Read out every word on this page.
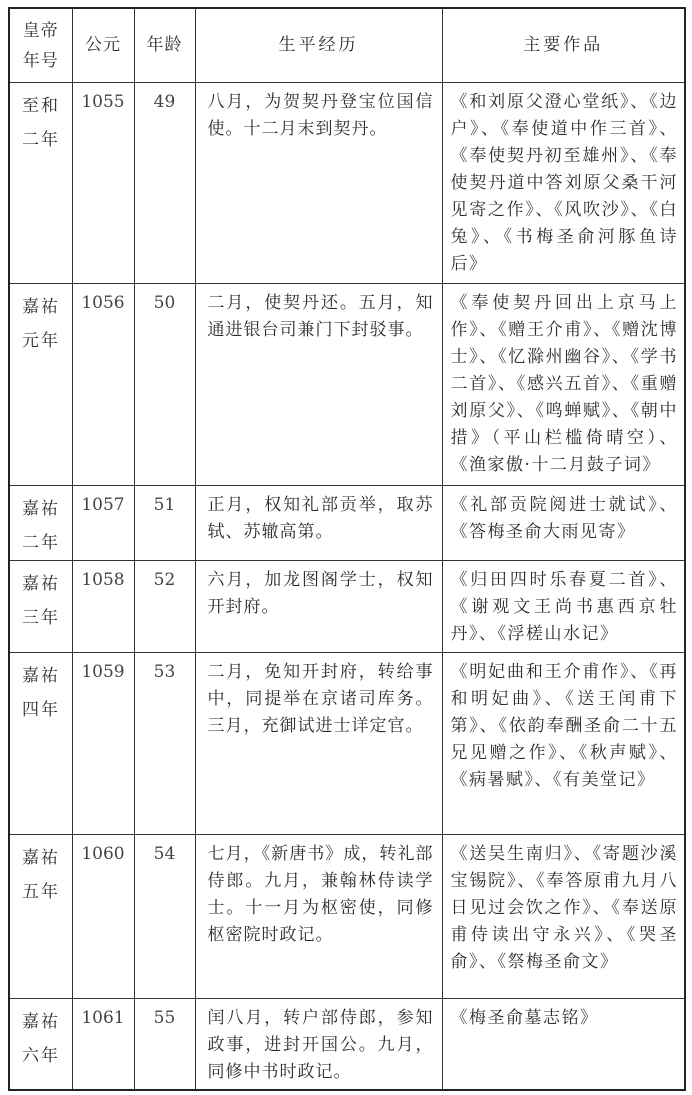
皇帝年号	公元	年龄	生平经历	主要作品

至和
二年	1055	49	八月，为贺契丹登宝位国信使。十二月末到契丹。	《和刘原父澄心堂纸》、《边户》、《奉使道中作三首》、《奉使契丹初至雄州》、《奉使契丹道中答刘原父桑干河见寄之作》、《风吹沙》、《白兔》、《书梅圣俞河豚鱼诗后》

嘉祐
元年	1056	50	二月，使契丹还。五月，知通进银台司兼门下封驳事。	《奉使契丹回出上京马上作》、《赠王介甫》、《赠沈博士》、《忆滁州幽谷》、《学书二首》、《感兴五首》、《重赠刘原父》、《鸣蝉赋》、《朝中措》（平山栏槛倚晴空）、《渔家傲·十二月鼓子词》

嘉祐
二年	1057	51	正月，权知礼部贡举，取苏轼、苏辙高第。	《礼部贡院阅进士就试》、《答梅圣俞大雨见寄》

嘉祐
三年	1058	52	六月，加龙图阁学士，权知开封府。	《归田四时乐春夏二首》、《谢观文王尚书惠西京牡丹》、《浮槎山水记》

嘉祐
四年	1059	53	二月，免知开封府，转给事中，同提举在京诸司库务。三月，充御试进士详定官。	《明妃曲和王介甫作》、《再和明妃曲》、《送王闰甫下第》、《依韵奉酬圣俞二十五兄见赠之作》、《秋声赋》、《病暑赋》、《有美堂记》

嘉祐
五年	1060	54	七月，《新唐书》成，转礼部侍郎。九月，兼翰林侍读学士。十一月为枢密使，同修枢密院时政记。	《送吴生南归》、《寄题沙溪宝锡院》、《奉答原甫九月八日见过会饮之作》、《奉送原甫侍读出守永兴》、《哭圣俞》、《祭梅圣俞文》

嘉祐
六年	1061	55	闰八月，转户部侍郎，参知政事，进封开国公。九月，同修中书时政记。	《梅圣俞墓志铭》
